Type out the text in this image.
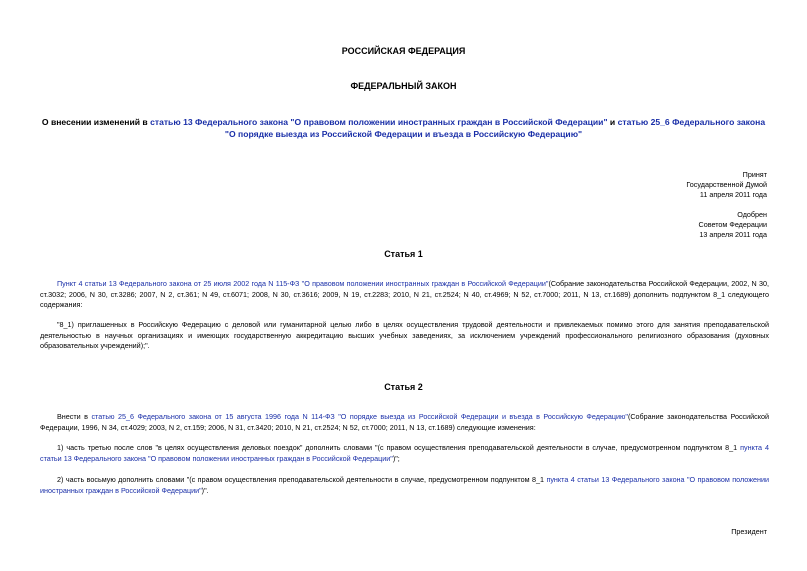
РОССИЙСКАЯ ФЕДЕРАЦИЯ
ФЕДЕРАЛЬНЫЙ ЗАКОН
О внесении изменений в статью 13 Федерального закона "О правовом положении иностранных граждан в Российской Федерации" и статью 25_6 Федерального закона "О порядке выезда из Российской Федерации и въезда в Российскую Федерацию"
Принят
Государственной Думой
11 апреля 2011 года
Одобрен
Советом Федерации
13 апреля 2011 года
Статья 1
Пункт 4 статьи 13 Федерального закона от 25 июля 2002 года N 115-ФЗ "О правовом положении иностранных граждан в Российской Федерации"(Собрание законодательства Российской Федерации, 2002, N 30, ст.3032; 2006, N 30, ст.3286; 2007, N 2, ст.361; N 49, ст.6071; 2008, N 30, ст.3616; 2009, N 19, ст.2283; 2010, N 21, ст.2524; N 40, ст.4969; N 52, ст.7000; 2011, N 13, ст.1689) дополнить подпунктом 8_1 следующего содержания:
"8_1) приглашенных в Российскую Федерацию с деловой или гуманитарной целью либо в целях осуществления трудовой деятельности и привлекаемых помимо этого для занятия преподавательской деятельностью в научных организациях и имеющих государственную аккредитацию высших учебных заведениях, за исключением учреждений профессионального религиозного образования (духовных образовательных учреждений);".
Статья 2
Внести в статью 25_6 Федерального закона от 15 августа 1996 года N 114-ФЗ "О порядке выезда из Российской Федерации и въезда в Российскую Федерацию"(Собрание законодательства Российской Федерации, 1996, N 34, ст.4029; 2003, N 2, ст.159; 2006, N 31, ст.3420; 2010, N 21, ст.2524; N 52, ст.7000; 2011, N 13, ст.1689) следующие изменения:
1) часть третью после слов "в целях осуществления деловых поездок" дополнить словами "(с правом осуществления преподавательской деятельности в случае, предусмотренном подпунктом 8_1 пункта 4 статьи 13 Федерального закона "О правовом положении иностранных граждан в Российской Федерации")";
2) часть восьмую дополнить словами "(с правом осуществления преподавательской деятельности в случае, предусмотренном подпунктом 8_1 пункта 4 статьи 13 Федерального закона "О правовом положении иностранных граждан в Российской Федерации")".
Президент
